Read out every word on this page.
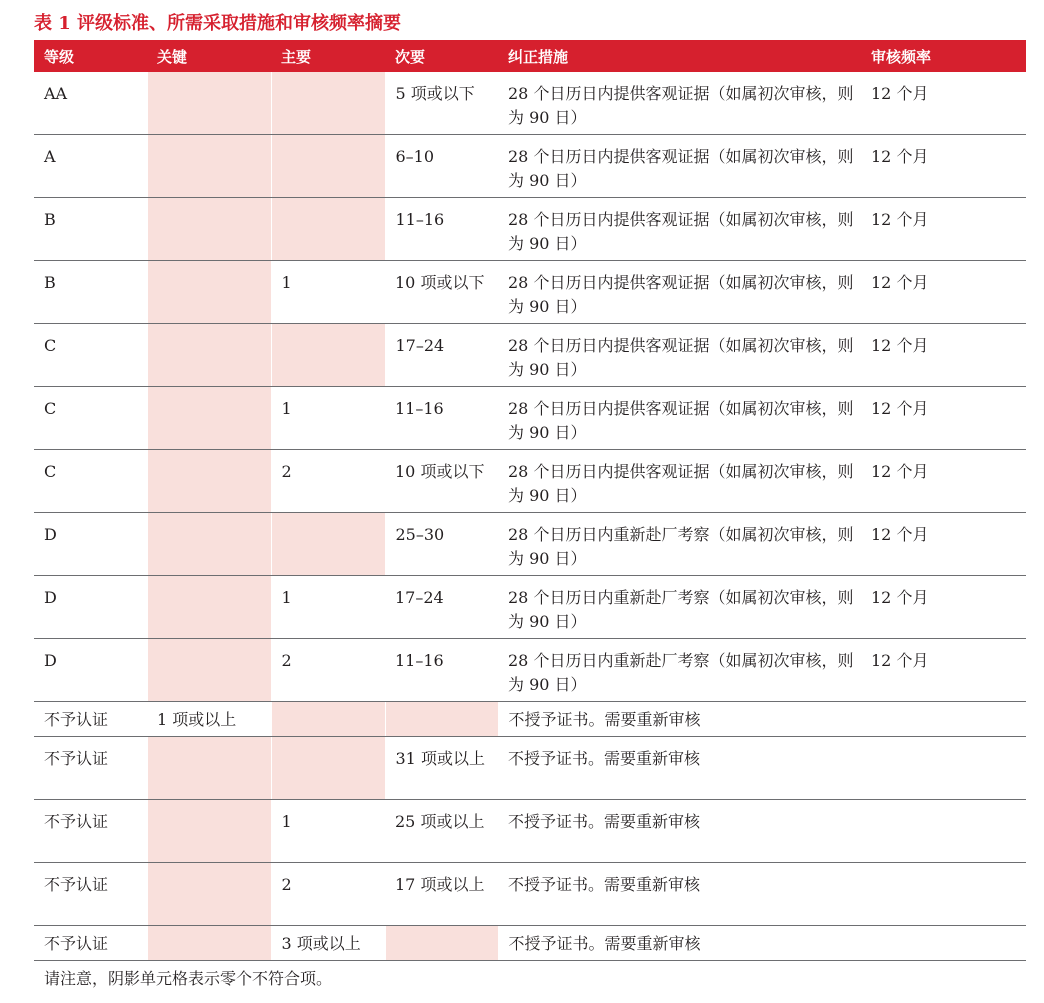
表 1 评级标准、所需采取措施和审核频率摘要
等级	关键	主要	次要	纠正措施	审核频率
AA			5 项或以下	28 个日历日内提供客观证据（如属初次审核，则为 90 日）	12 个月
A			6–10	28 个日历日内提供客观证据（如属初次审核，则为 90 日）	12 个月
B			11–16	28 个日历日内提供客观证据（如属初次审核，则为 90 日）	12 个月
B		1	10 项或以下	28 个日历日内提供客观证据（如属初次审核，则为 90 日）	12 个月
C			17–24	28 个日历日内提供客观证据（如属初次审核，则为 90 日）	12 个月
C		1	11–16	28 个日历日内提供客观证据（如属初次审核，则为 90 日）	12 个月
C		2	10 项或以下	28 个日历日内提供客观证据（如属初次审核，则为 90 日）	12 个月
D			25–30	28 个日历日内重新赴厂考察（如属初次审核，则 为 90 日）	12 个月
D		1	17–24	28 个日历日内重新赴厂考察（如属初次审核，则 为 90 日）	12 个月
D		2	11–16	28 个日历日内重新赴厂考察（如属初次审核，则 为 90 日）	12 个月
不予认证	1 项或以上			不授予证书。需要重新审核	
不予认证			31 项或以上	不授予证书。需要重新审核	
不予认证		1	25 项或以上	不授予证书。需要重新审核	
不予认证		2	17 项或以上	不授予证书。需要重新审核	
不予认证		3 项或以上		不授予证书。需要重新审核	
请注意，阴影单元格表示零个不符合项。
